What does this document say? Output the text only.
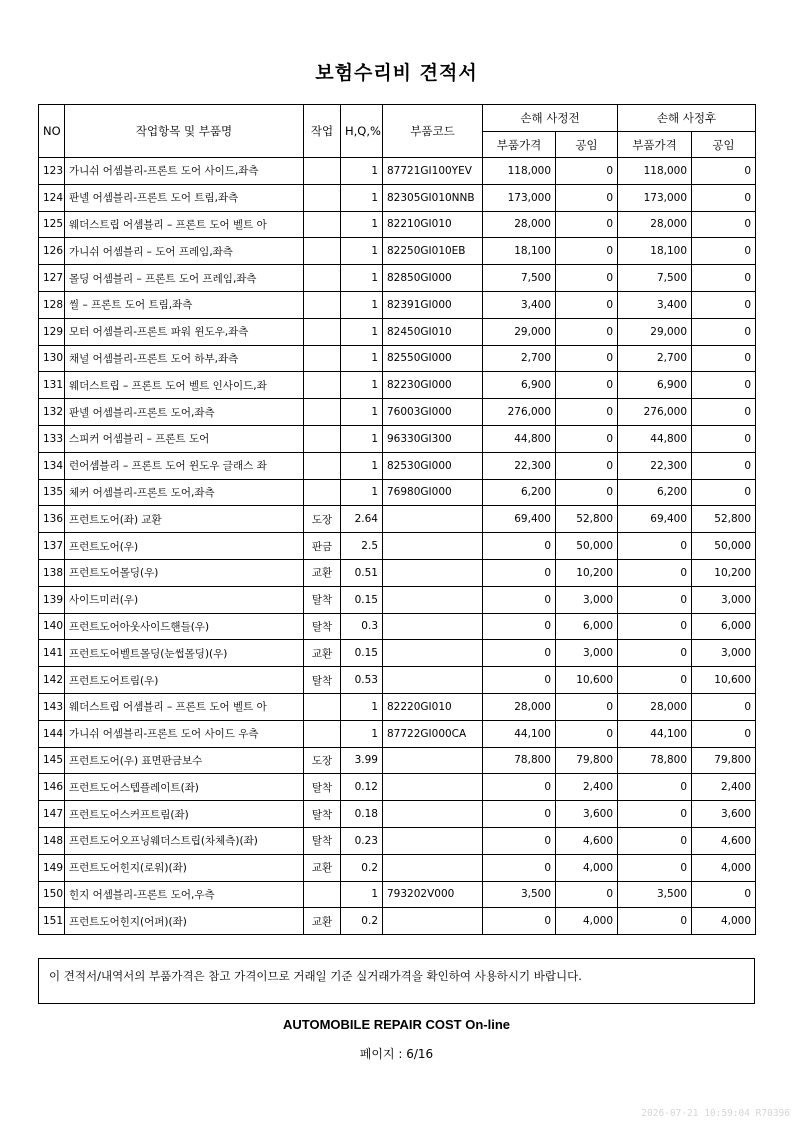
보험수리비 견적서
NO	작업항목 및 부품명	작업	H,Q,%	부품코드	손해 사정전		손해 사정후	
					부품가격	공임	부품가격	공임
123	가니쉬 어셈블리-프론트 도어 사이드,좌측		1	87721GI100YEV	118,000	0	118,000	0
124	판넬 어셈블리-프론트 도어 트림,좌측		1	82305GI010NNB	173,000	0	173,000	0
125	웨더스트립 어셈블리 – 프론트 도어 벨트 아		1	82210GI010	28,000	0	28,000	0
126	가니쉬 어셈블리 – 도어 프레임,좌측		1	82250GI010EB	18,100	0	18,100	0
127	몰딩 어셈블리 – 프론트 도어 프레임,좌측		1	82850GI000	7,500	0	7,500	0
128	씰 – 프론트 도어 트림,좌측		1	82391GI000	3,400	0	3,400	0
129	모터 어셈블리-프론트 파워 윈도우,좌측		1	82450GI010	29,000	0	29,000	0
130	채널 어셈블리-프론트 도어 하부,좌측		1	82550GI000	2,700	0	2,700	0
131	웨더스트립 – 프론트 도어 벨트 인사이드,좌		1	82230GI000	6,900	0	6,900	0
132	판넬 어셈블리-프론트 도어,좌측		1	76003GI000	276,000	0	276,000	0
133	스피커 어셈블리 – 프론트 도어		1	96330GI300	44,800	0	44,800	0
134	런어셈블리 – 프론트 도어 윈도우 글래스 좌		1	82530GI000	22,300	0	22,300	0
135	체커 어셈블리-프론트 도어,좌측		1	76980GI000	6,200	0	6,200	0
136	프런트도어(좌) 교환	도장	2.64		69,400	52,800	69,400	52,800
137	프런트도어(우)	판금	2.5		0	50,000	0	50,000
138	프런트도어몰딩(우)	교환	0.51		0	10,200	0	10,200
139	사이드미러(우)	탈착	0.15		0	3,000	0	3,000
140	프런트도어아웃사이드핸들(우)	탈착	0.3		0	6,000	0	6,000
141	프런트도어벨트몰딩(눈썹몰딩)(우)	교환	0.15		0	3,000	0	3,000
142	프런트도어트림(우)	탈착	0.53		0	10,600	0	10,600
143	웨더스트립 어셈블리 – 프론트 도어 벨트 아		1	82220GI010	28,000	0	28,000	0
144	가니쉬 어셈블리-프론트 도어 사이드 우측		1	87722GI000CA	44,100	0	44,100	0
145	프런트도어(우) 표면판금보수	도장	3.99		78,800	79,800	78,800	79,800
146	프런트도어스텝플레이트(좌)	탈착	0.12		0	2,400	0	2,400
147	프런트도어스커프트림(좌)	탈착	0.18		0	3,600	0	3,600
148	프런트도어오프닝웨더스트립(차체측)(좌)	탈착	0.23		0	4,600	0	4,600
149	프런트도어힌지(로워)(좌)	교환	0.2		0	4,000	0	4,000
150	힌지 어셈블리-프론트 도어,우측		1	793202V000	3,500	0	3,500	0
151	프런트도어힌지(어퍼)(좌)	교환	0.2		0	4,000	0	4,000
이 견적서/내역서의 부품가격은 참고 가격이므로 거래일 기준 실거래가격을 확인하여 사용하시기 바랍니다.
AUTOMOBILE REPAIR COST On-line
페이지 : 6/16
2026-07-21 10:59:04 R70396
